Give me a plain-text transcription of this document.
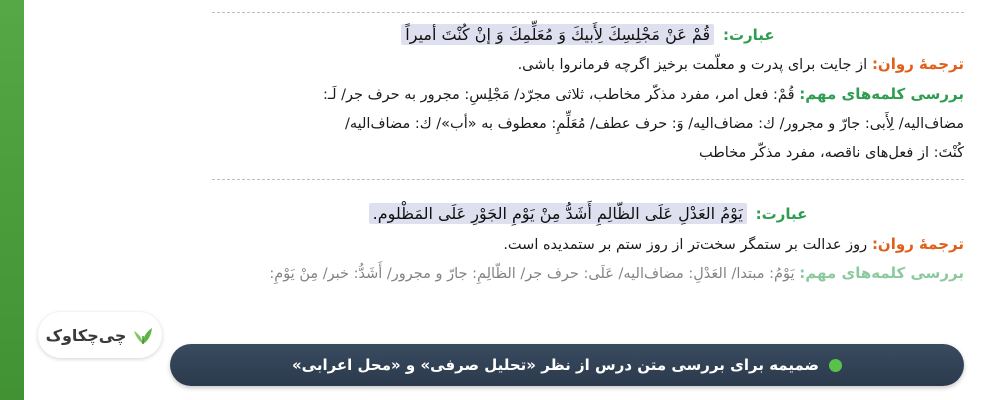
عبارت: قُمْ عَنْ مَجْلِسِكَ لِأَبیكَ وَ مُعَلِّمِكَ وَ إنْ كُنْتَ أمیراً
ترجمهٔ روان: از جایت برای پدرت و معلّمت برخیز اگرچه فرمانروا باشی.
بررسی کلمه‌های مهم: قُمْ: فعل امر، مفرد مذكّر مخاطب، ثلاثی مجرّد/ مَجْلِسِ: مجرور به حرف جر/ لَـ:
مضاف‌الیه/ لِأَبی: جارّ و مجرور/ ك: مضاف‌الیه/ وَ: حرف عطف/ مُعَلِّمِ: معطوف به «أب»/ ك: مضاف‌الیه/
كُنْتَ: از فعل‌های ناقصه، مفرد مذكّر مخاطب
عبارت: یَوْمُ العَدْلِ عَلَی الظّالِمِ أَشَدُّ مِنْ یَوْمِ الجَوْرِ عَلَی المَظْلوم.
ترجمهٔ روان: روز عدالت بر ستمگر سخت‌تر از روز ستم بر ستمدیده است.
بررسی کلمه‌های مهم: یَوْمُ: مبتدا/ العَدْلِ: مضاف‌الیه/ عَلَی: حرف جر/ الظّالِمِ: جارّ و مجرور/ أَشَدُّ: خبر/ مِنْ یَوْمِ:
چی‌چکاوک
ضمیمه برای بررسی متن درس از نظر «تحلیل صرفی» و «محل اعرابی»
